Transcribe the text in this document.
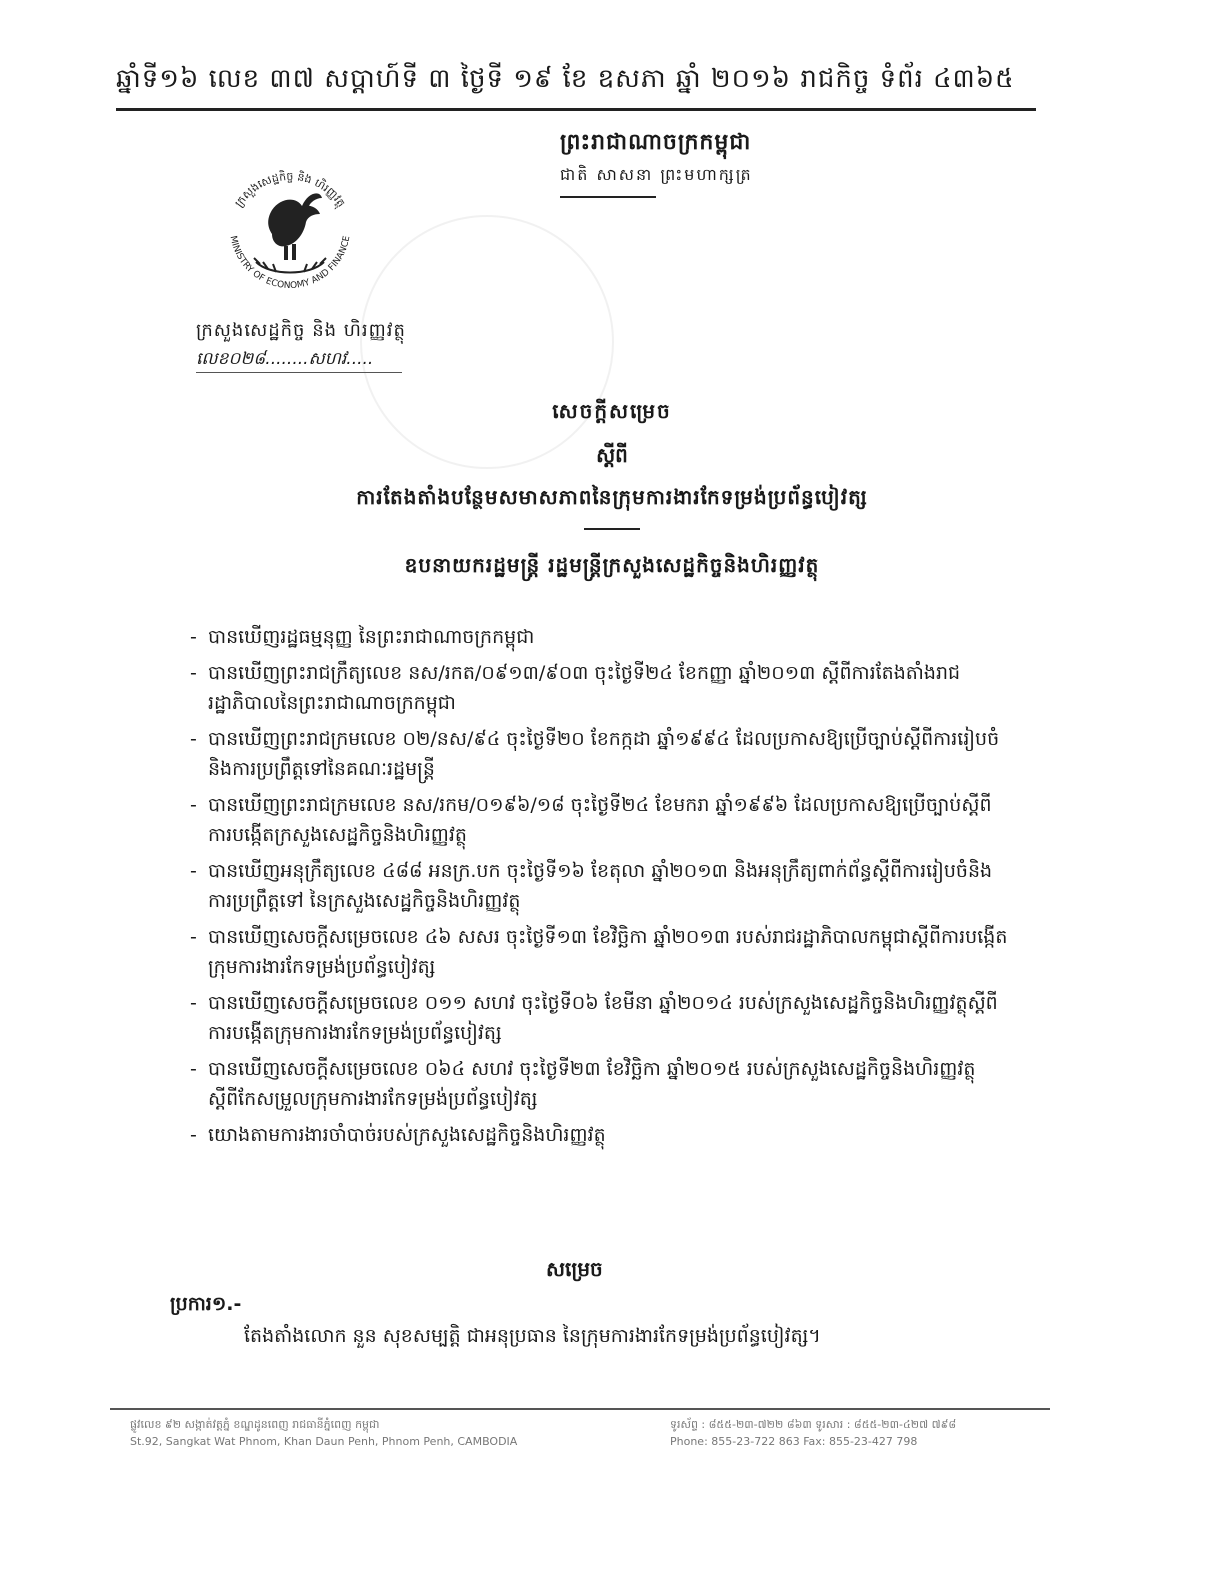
ឆ្នាំទី១៦ លេខ ៣៧ សប្តាហ៍ទី ៣ ថ្ងៃទី ១៩ ខែ ឧសភា ឆ្នាំ ២០១៦ រាជកិច្ច ទំព័រ ៤៣៦៥
ព្រះរាជាណាចក្រកម្ពុជា
ជាតិ សាសនា ព្រះមហាក្សត្រ
ក្រសួងសេដ្ឋកិច្ច និង ហិរញ្ញវត្ថុ
MINISTRY OF ECONOMY AND FINANCE
ក្រសួងសេដ្ឋកិច្ច និង ហិរញ្ញវត្ថុ
លេខ០២៨........សហវ.....
សេចក្តីសម្រេច
ស្តីពី
ការតែងតាំងបន្ថែមសមាសភាពនៃក្រុមការងារកែទម្រង់ប្រព័ន្ធបៀវត្ស
ឧបនាយករដ្ឋមន្ត្រី រដ្ឋមន្ត្រីក្រសួងសេដ្ឋកិច្ចនិងហិរញ្ញវត្ថុ
- បានឃើញរដ្ឋធម្មនុញ្ញ នៃព្រះរាជាណាចក្រកម្ពុជា
- បានឃើញព្រះរាជក្រឹត្យលេខ នស/រកត/០៩១៣/៩០៣ ចុះថ្ងៃទី២៤ ខែកញ្ញា ឆ្នាំ២០១៣ ស្តីពីការតែងតាំងរាជរដ្ឋាភិបាលនៃព្រះរាជាណាចក្រកម្ពុជា
- បានឃើញព្រះរាជក្រមលេខ ០២/នស/៩៤ ចុះថ្ងៃទី២០ ខែកក្កដា ឆ្នាំ១៩៩៤ ដែលប្រកាសឱ្យប្រើច្បាប់ស្តីពីការរៀបចំ និងការប្រព្រឹត្តទៅនៃគណៈរដ្ឋមន្ត្រី
- បានឃើញព្រះរាជក្រមលេខ នស/រកម/០១៩៦/១៨ ចុះថ្ងៃទី២៤ ខែមករា ឆ្នាំ១៩៩៦ ដែលប្រកាសឱ្យប្រើច្បាប់ស្តីពីការបង្កើតក្រសួងសេដ្ឋកិច្ចនិងហិរញ្ញវត្ថុ
- បានឃើញអនុក្រឹត្យលេខ ៤៨៨ អនក្រ.បក ចុះថ្ងៃទី១៦ ខែតុលា ឆ្នាំ២០១៣ និងអនុក្រឹត្យពាក់ព័ន្ធស្តីពីការរៀបចំនិងការប្រព្រឹត្តទៅ នៃក្រសួងសេដ្ឋកិច្ចនិងហិរញ្ញវត្ថុ
- បានឃើញសេចក្តីសម្រេចលេខ ៤៦ សសរ ចុះថ្ងៃទី១៣ ខែវិច្ឆិកា ឆ្នាំ២០១៣ របស់រាជរដ្ឋាភិបាលកម្ពុជាស្តីពីការបង្កើតក្រុមការងារកែទម្រង់ប្រព័ន្ធបៀវត្ស
- បានឃើញសេចក្តីសម្រេចលេខ ០១១ សហវ ចុះថ្ងៃទី០៦ ខែមីនា ឆ្នាំ២០១៤ របស់ក្រសួងសេដ្ឋកិច្ចនិងហិរញ្ញវត្ថុស្តីពីការបង្កើតក្រុមការងារកែទម្រង់ប្រព័ន្ធបៀវត្ស
- បានឃើញសេចក្តីសម្រេចលេខ ០៦៤ សហវ ចុះថ្ងៃទី២៣ ខែវិច្ឆិកា ឆ្នាំ២០១៥ របស់ក្រសួងសេដ្ឋកិច្ចនិងហិរញ្ញវត្ថុស្តីពីកែសម្រួលក្រុមការងារកែទម្រង់ប្រព័ន្ធបៀវត្ស
- យោងតាមការងារចាំបាច់របស់ក្រសួងសេដ្ឋកិច្ចនិងហិរញ្ញវត្ថុ
សម្រេច
ប្រការ១.-
តែងតាំងលោក នួន សុខសម្បត្តិ ជាអនុប្រធាន នៃក្រុមការងារកែទម្រង់ប្រព័ន្ធបៀវត្ស។
ផ្លូវលេខ ៩២ សង្កាត់វត្តភ្នំ ខណ្ឌដូនពេញ រាជធានីភ្នំពេញ កម្ពុជា
St.92, Sangkat Wat Phnom, Khan Daun Penh, Phnom Penh, CAMBODIA
ទូរស័ព្ទ : ៨៥៥-២៣-៧២២ ៨៦៣ ទូរសារ : ៨៥៥-២៣-៤២៧ ៧៩៨
Phone: 855-23-722 863 Fax: 855-23-427 798
